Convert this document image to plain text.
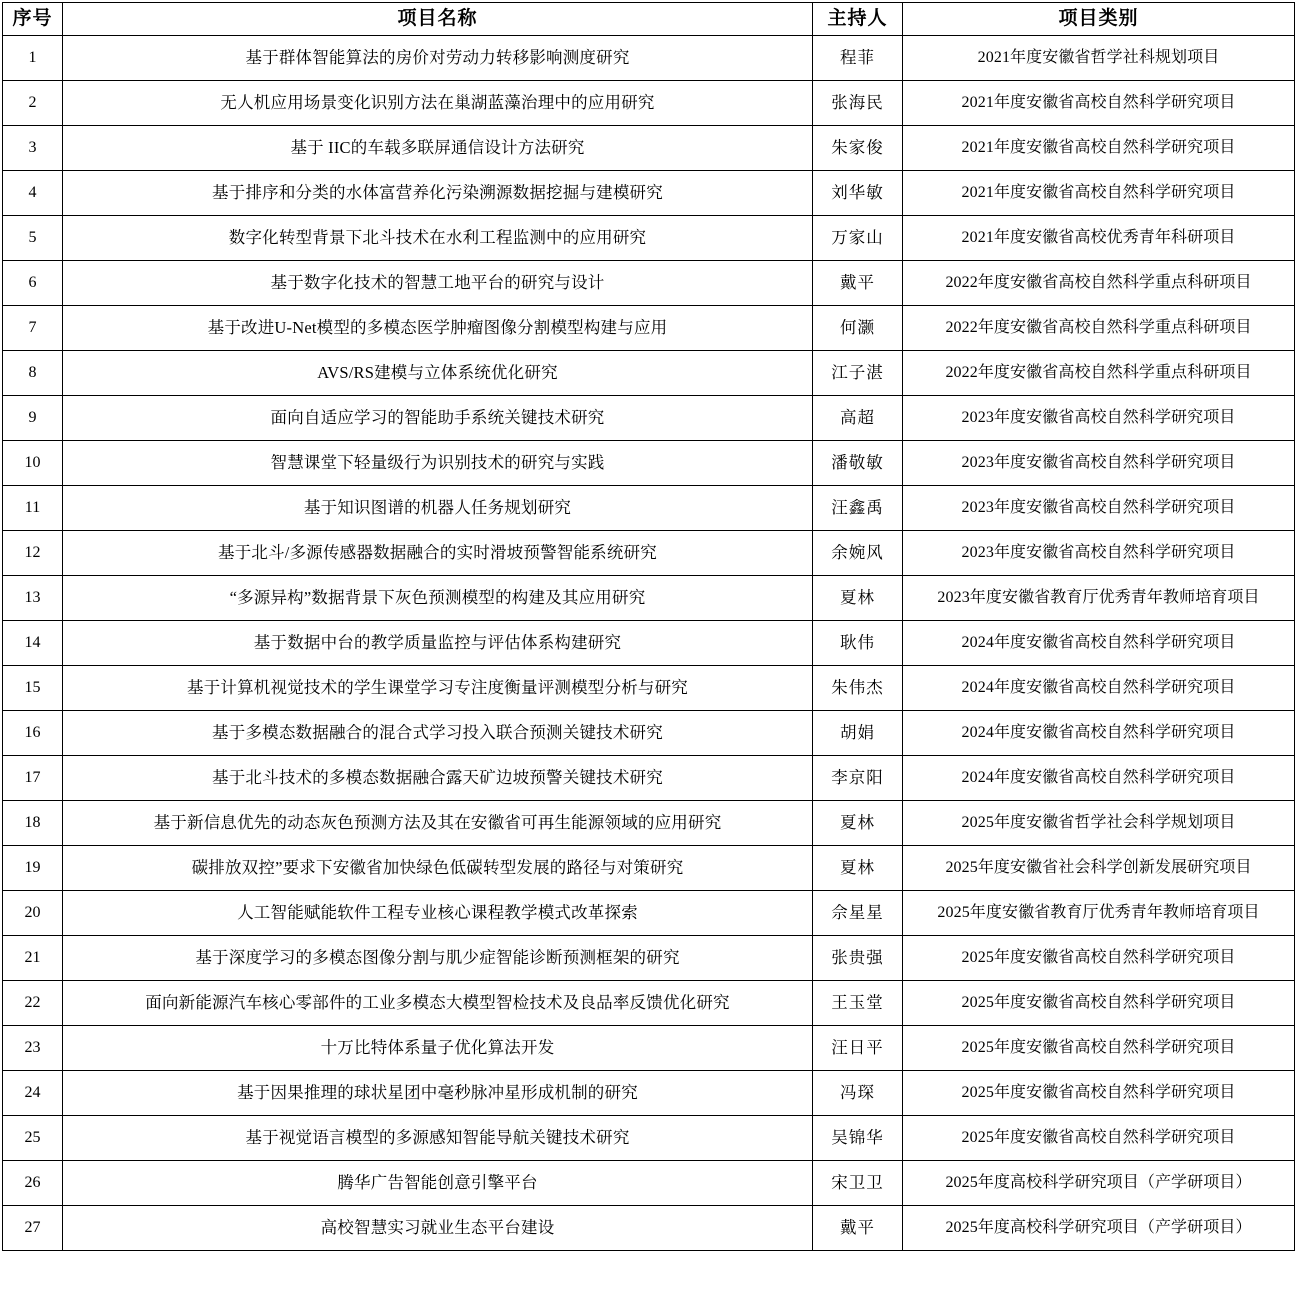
序号	项目名称	主持人	项目类别

1	基于群体智能算法的房价对劳动力转移影响测度研究	程菲	2021年度安徽省哲学社科规划项目

2	无人机应用场景变化识别方法在巢湖蓝藻治理中的应用研究	张海民	2021年度安徽省高校自然科学研究项目

3	基于 IIC的车载多联屏通信设计方法研究	朱家俊	2021年度安徽省高校自然科学研究项目

4	基于排序和分类的水体富营养化污染溯源数据挖掘与建模研究	刘华敏	2021年度安徽省高校自然科学研究项目

5	数字化转型背景下北斗技术在水利工程监测中的应用研究	万家山	2021年度安徽省高校优秀青年科研项目

6	基于数字化技术的智慧工地平台的研究与设计	戴平	2022年度安徽省高校自然科学重点科研项目

7	基于改进U-Net模型的多模态医学肿瘤图像分割模型构建与应用	何灏	2022年度安徽省高校自然科学重点科研项目

8	AVS/RS建模与立体系统优化研究	江子湛	2022年度安徽省高校自然科学重点科研项目

9	面向自适应学习的智能助手系统关键技术研究	高超	2023年度安徽省高校自然科学研究项目

10	智慧课堂下轻量级行为识别技术的研究与实践	潘敬敏	2023年度安徽省高校自然科学研究项目

11	基于知识图谱的机器人任务规划研究	汪鑫禹	2023年度安徽省高校自然科学研究项目

12	基于北斗/多源传感器数据融合的实时滑坡预警智能系统研究	余婉风	2023年度安徽省高校自然科学研究项目

13	“多源异构”数据背景下灰色预测模型的构建及其应用研究	夏林	2023年度安徽省教育厅优秀青年教师培育项目

14	基于数据中台的教学质量监控与评估体系构建研究	耿伟	2024年度安徽省高校自然科学研究项目

15	基于计算机视觉技术的学生课堂学习专注度衡量评测模型分析与研究	朱伟杰	2024年度安徽省高校自然科学研究项目

16	基于多模态数据融合的混合式学习投入联合预测关键技术研究	胡娟	2024年度安徽省高校自然科学研究项目

17	基于北斗技术的多模态数据融合露天矿边坡预警关键技术研究	李京阳	2024年度安徽省高校自然科学研究项目

18	基于新信息优先的动态灰色预测方法及其在安徽省可再生能源领域的应用研究	夏林	2025年度安徽省哲学社会科学规划项目

19	碳排放双控”要求下安徽省加快绿色低碳转型发展的路径与对策研究	夏林	2025年度安徽省社会科学创新发展研究项目

20	人工智能赋能软件工程专业核心课程教学模式改革探索	佘星星	2025年度安徽省教育厅优秀青年教师培育项目

21	基于深度学习的多模态图像分割与肌少症智能诊断预测框架的研究	张贵强	2025年度安徽省高校自然科学研究项目

22	面向新能源汽车核心零部件的工业多模态大模型智检技术及良品率反馈优化研究	王玉堂	2025年度安徽省高校自然科学研究项目

23	十万比特体系量子优化算法开发	汪日平	2025年度安徽省高校自然科学研究项目

24	基于因果推理的球状星团中毫秒脉冲星形成机制的研究	冯琛	2025年度安徽省高校自然科学研究项目

25	基于视觉语言模型的多源感知智能导航关键技术研究	吴锦华	2025年度安徽省高校自然科学研究项目

26	腾华广告智能创意引擎平台	宋卫卫	2025年度高校科学研究项目（产学研项目）

27	高校智慧实习就业生态平台建设	戴平	2025年度高校科学研究项目（产学研项目）
